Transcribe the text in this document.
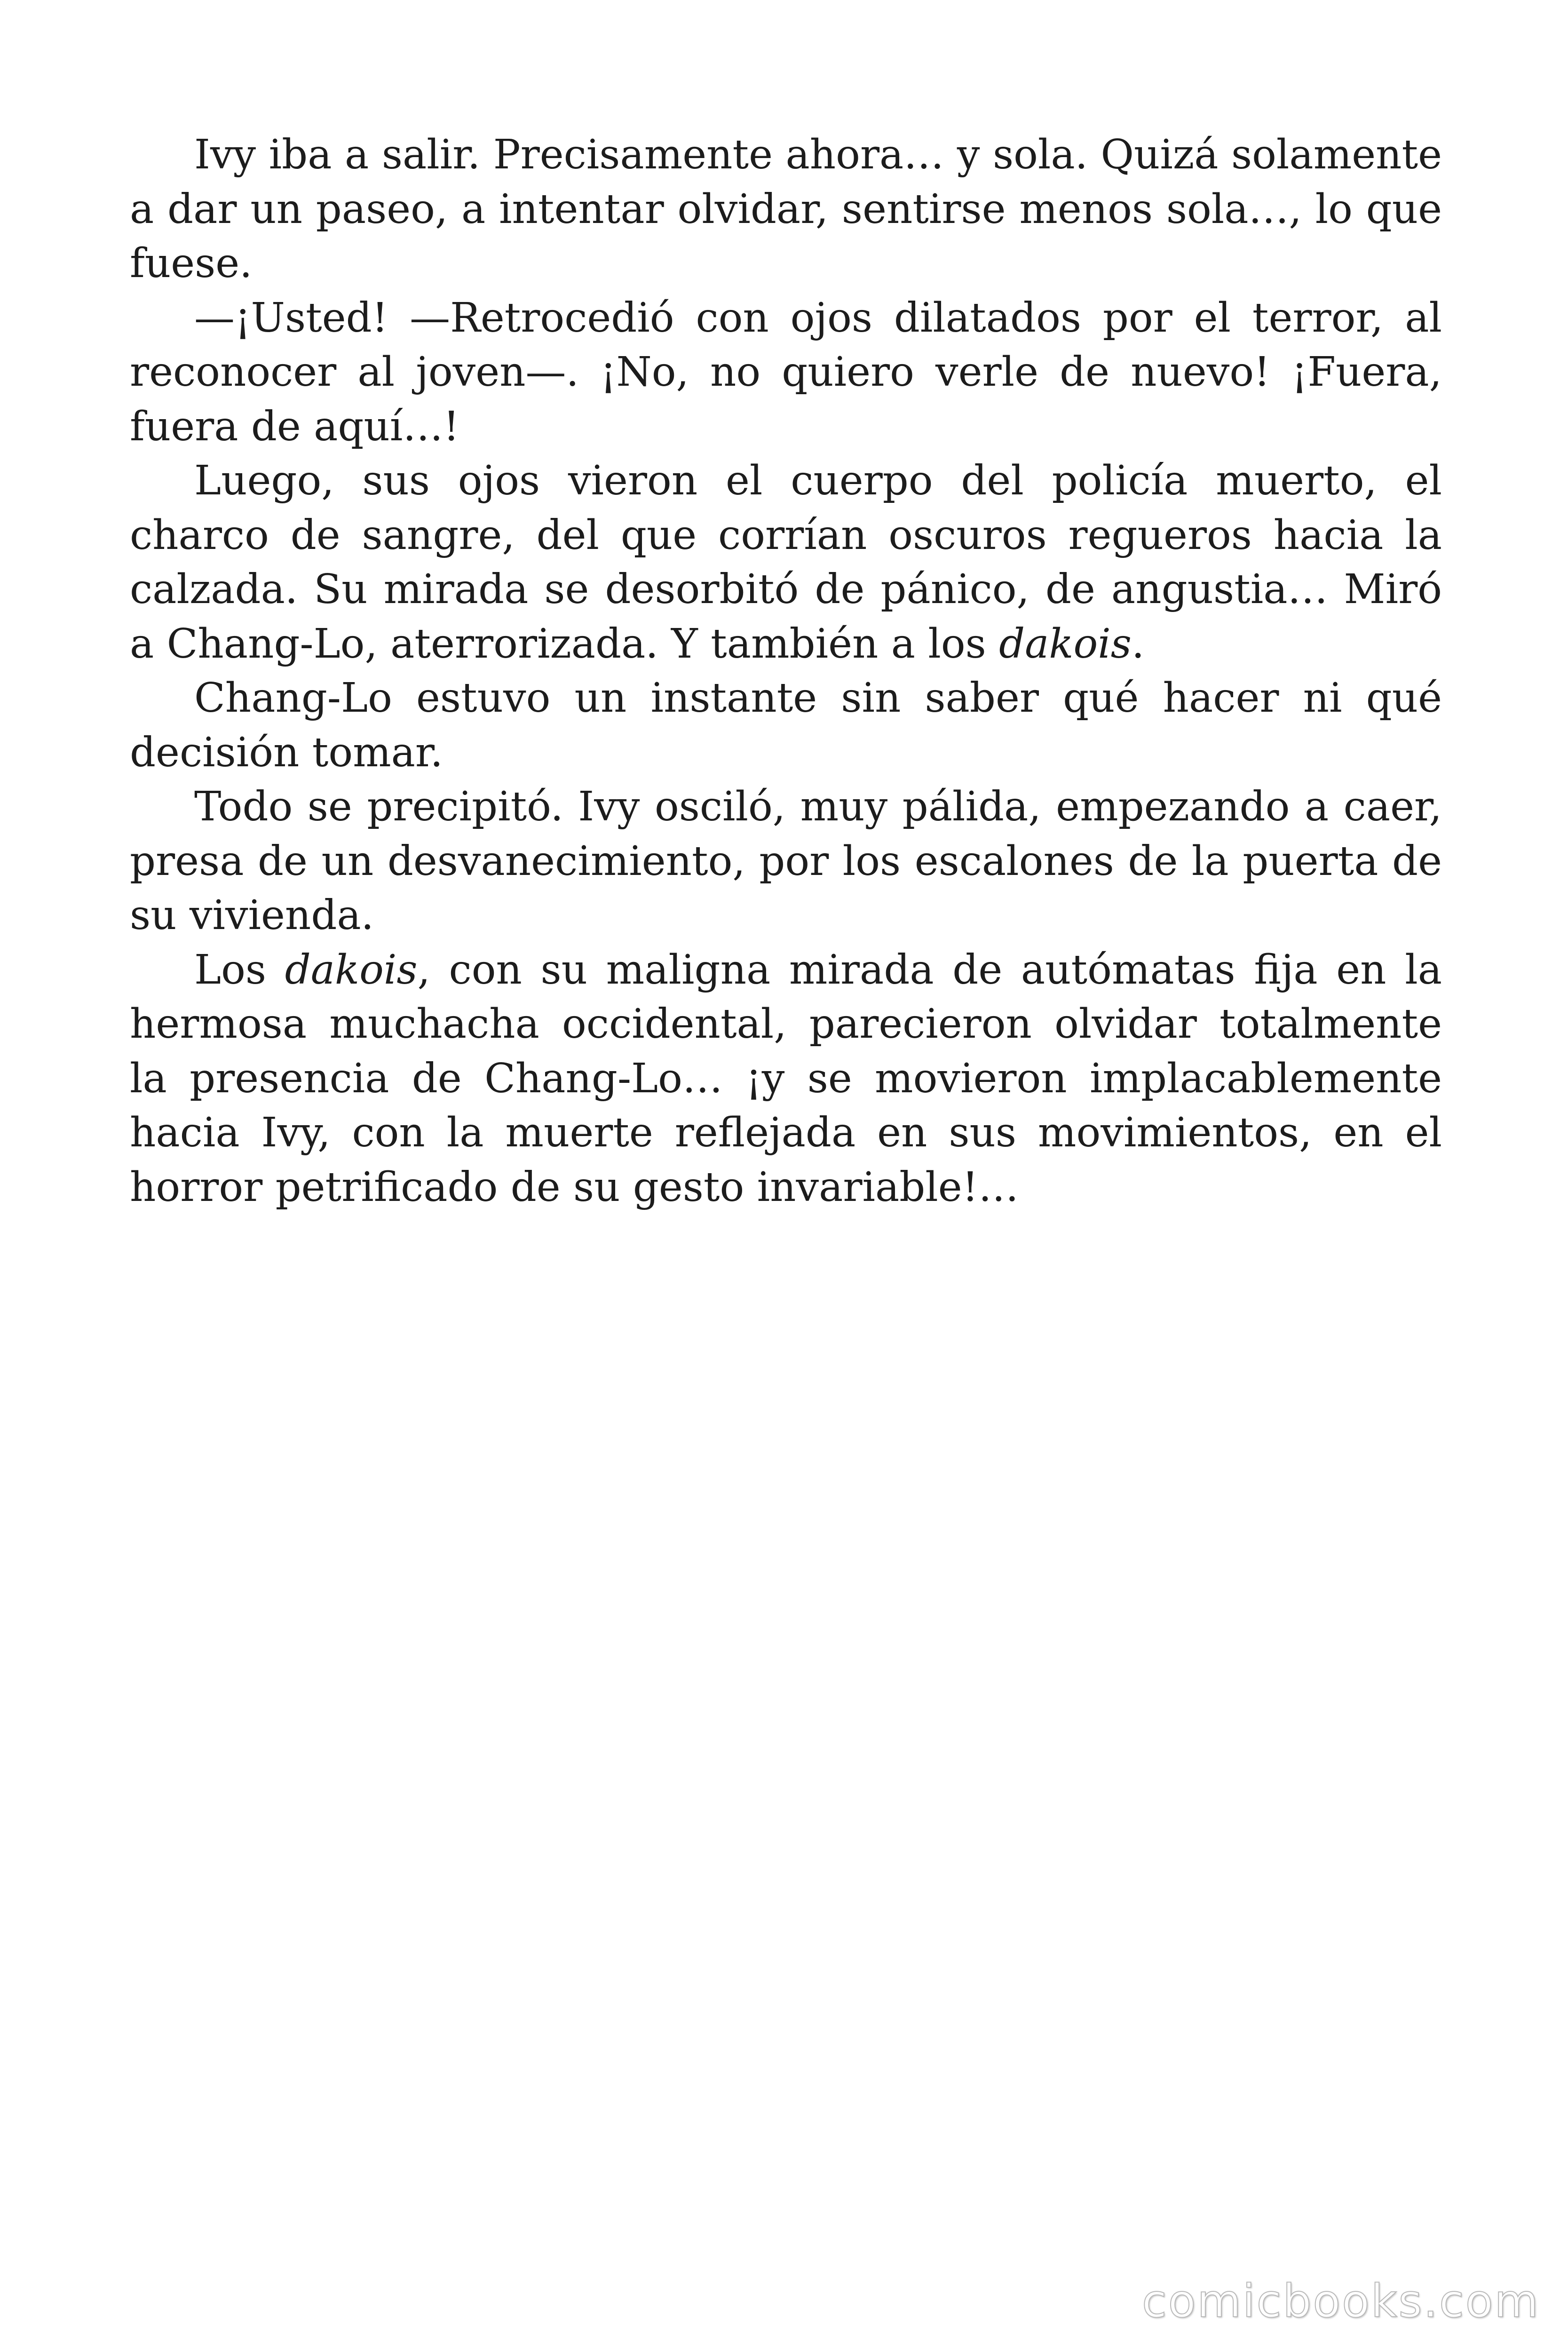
Ivy iba a salir. Precisamente ahora… y sola. Quizá solamente a dar un paseo, a intentar olvidar, sentirse menos sola…, lo que fuese.

—¡Usted! —Retrocedió con ojos dilatados por el terror, al reconocer al joven—. ¡No, no quiero verle de nuevo! ¡Fuera, fuera de aquí…!

Luego, sus ojos vieron el cuerpo del policía muerto, el charco de sangre, del que corrían oscuros regueros hacia la calzada. Su mirada se desorbitó de pánico, de angustia… Miró a Chang-Lo, aterrorizada. Y también a los dakois.

Chang-Lo estuvo un instante sin saber qué hacer ni qué decisión tomar.

Todo se precipitó. Ivy osciló, muy pálida, empezando a caer, presa de un desvanecimiento, por los escalones de la puerta de su vivienda.

Los dakois, con su maligna mirada de autómatas fija en la hermosa muchacha occidental, parecieron olvidar totalmente la presencia de Chang-Lo… ¡y se movieron implacablemente hacia Ivy, con la muerte reflejada en sus movimientos, en el horror petrificado de su gesto invariable!…

comicbooks.com
